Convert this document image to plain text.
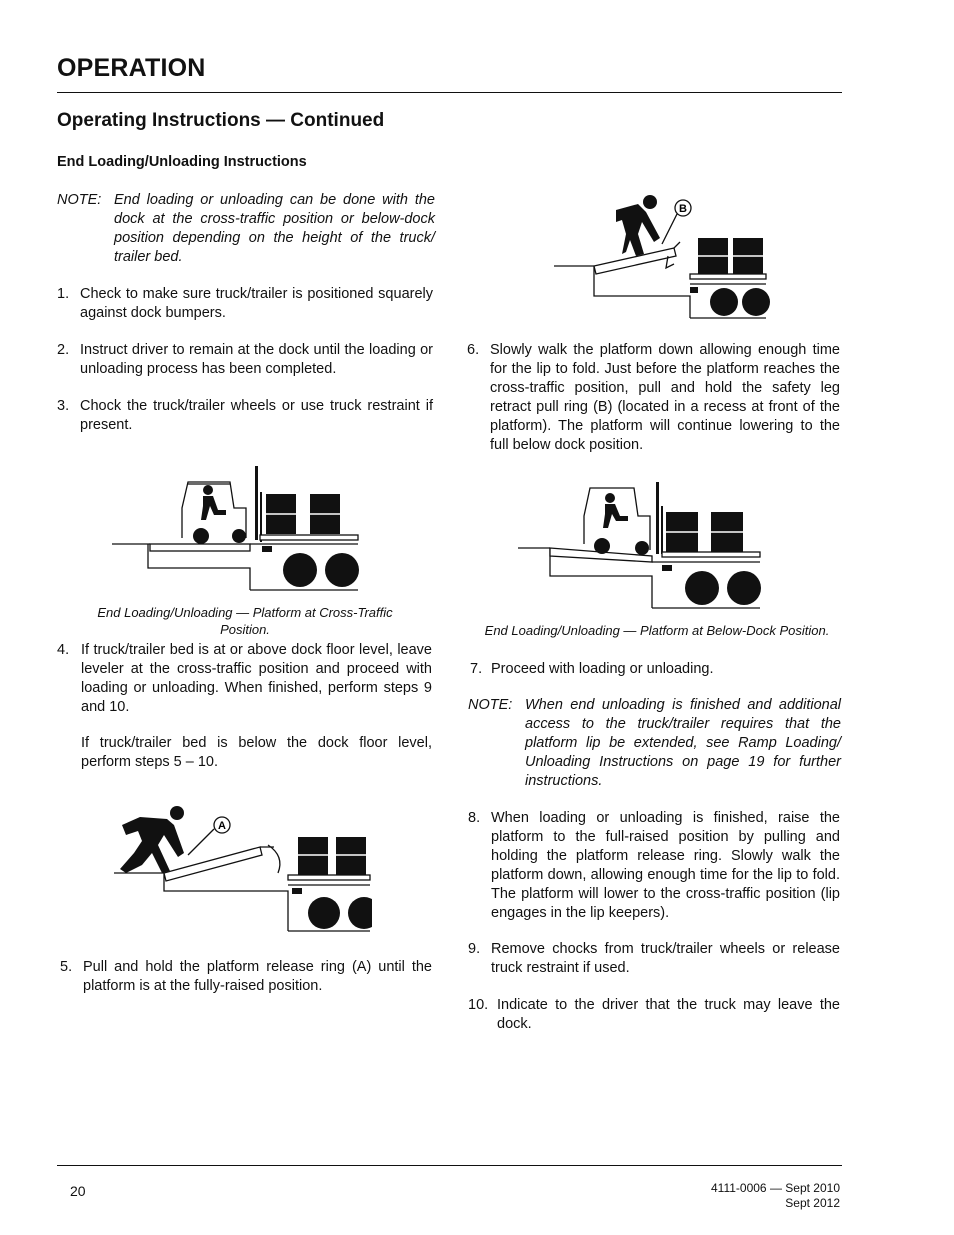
OPERATION
Operating Instructions — Continued
End Loading/Unloading Instructions
NOTE: End loading or unloading can be done with the dock at the cross-traffic position or below-dock position depending on the height of the truck/ trailer bed.
1. Check to make sure truck/trailer is positioned squarely against dock bumpers.
2. Instruct driver to remain at the dock until the loading or unloading process has been completed.
3. Chock the truck/trailer wheels or use truck restraint if present.
End Loading/Unloading — Platform at Cross-Traffic Position.
4. If truck/trailer bed is at or above dock floor level, leave leveler at the cross-traffic position and proceed with loading or unloading. When finished, perform steps 9 and 10.
If truck/trailer bed is below the dock floor level, perform steps 5 – 10.
A
5. Pull and hold the platform release ring (A) until the platform is at the fully-raised position.
B
6. Slowly walk the platform down allowing enough time for the lip to fold. Just before the platform reaches the cross-traffic position, pull and hold the safety leg retract pull ring (B) (located in a recess at front of the platform). The platform will continue lowering to the full below dock position.
End Loading/Unloading — Platform at Below-Dock Position.
7. Proceed with loading or unloading.
NOTE: When end unloading is finished and additional access to the truck/trailer requires that the platform lip be extended, see Ramp Loading/ Unloading Instructions on page 19 for further instructions.
8. When loading or unloading is finished, raise the platform to the full-raised position by pulling and holding the platform release ring. Slowly walk the platform down, allowing enough time for the lip to fold. The platform will lower to the cross-traffic position (lip engages in the lip keepers).
9. Remove chocks from truck/trailer wheels or release truck restraint if used.
10. Indicate to the driver that the truck may leave the dock.
20	4111-0006 — Sept 2010
Sept 2012
